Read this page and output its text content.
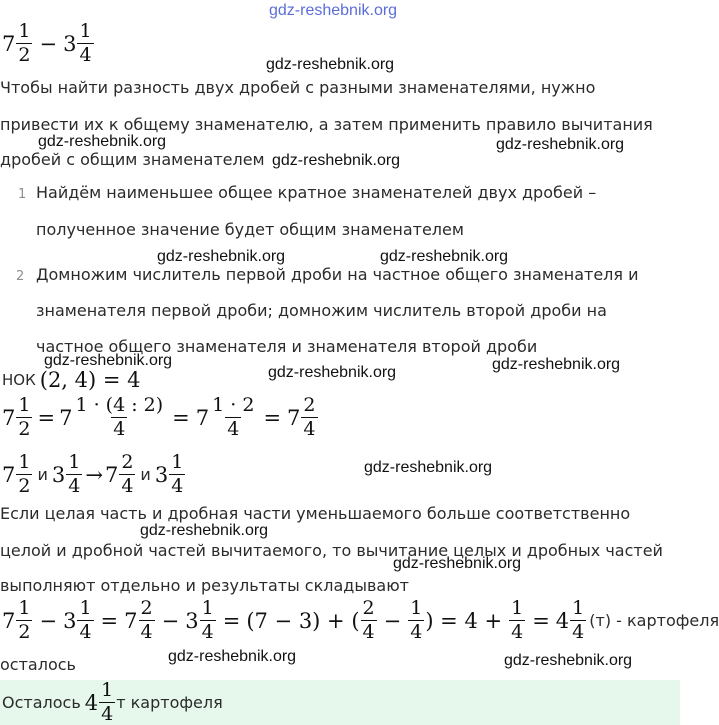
gdz-reshebnik.org
$7 \frac{1}{2} - 3 \frac{1}{4}$	gdz-reshebnik.org
Чтобы найти разность двух дробей с разными знаменателями, нужно
привести их к общему знаменателю, а затем применить правило вычитания
gdz-reshebnik.org	gdz-reshebnik.org
дробей с общим знаменателем gdz-reshebnik.org
1 Найдём наименьшее общее кратное знаменателей двух дробей –
полученное значение будет общим знаменателем
gdz-reshebnik.org	gdz-reshebnik.org
2 Домножим числитель первой дроби на частное общего знаменателя и
знаменателя первой дроби; домножим числитель второй дроби на
частное общего знаменателя и знаменателя второй дроби
gdz-reshebnik.org
gdz-reshebnik.org	gdz-reshebnik.org
НОК (2, 4) = 4
$7 \frac{1}{2} = 7 \frac{1 \cdot (4 : 2)}{4} = 7 \frac{1 \cdot 2}{4} = 7 \frac{2}{4}$
$7 \frac{1}{2}$ и $3 \frac{1}{4} \to 7 \frac{2}{4}$ и $3 \frac{1}{4}$	gdz-reshebnik.org
Если целая часть и дробная части уменьшаемого больше соответственно
gdz-reshebnik.org
целой и дробной частей вычитаемого, то вычитание целых и дробных частей
gdz-reshebnik.org
выполняют отдельно и результаты складывают
$7 \frac{1}{2} - 3 \frac{1}{4} = 7 \frac{2}{4} - 3 \frac{1}{4} = (7 - 3)$ + ( $\frac{2}{4} - \frac{1}{4}$ ) = $4 + \frac{1}{4} = 4 \frac{1}{4} (т)$ - картофеля
осталось	gdz-reshebnik.org	gdz-reshebnik.org
Осталось $4 \frac{1}{4}$ т картофеля
